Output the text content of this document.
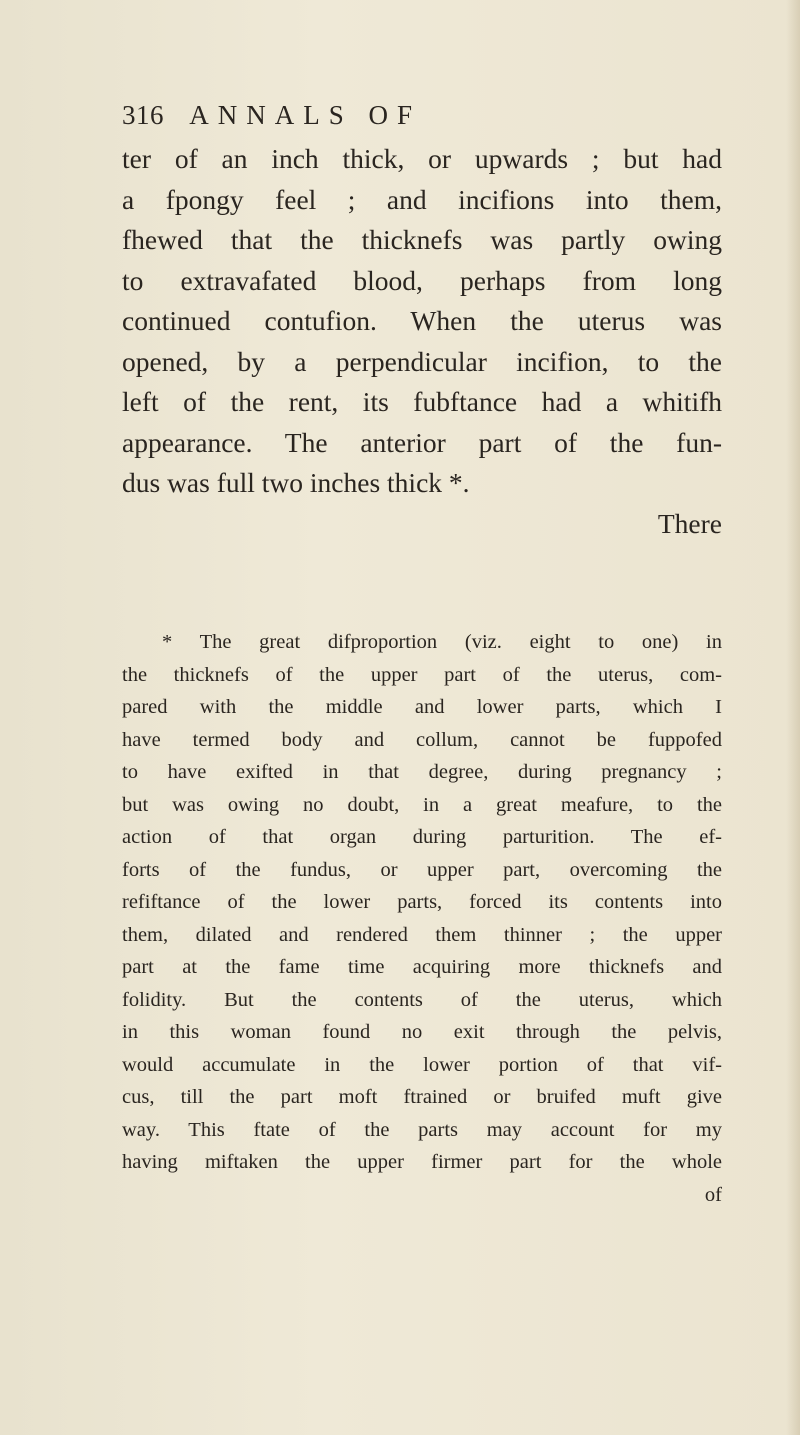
316 ANNALS OF
ter of an inch thick, or upwards ; but had
a fpongy feel ; and incifions into them,
fhewed that the thicknefs was partly owing
to extravafated blood, perhaps from long
continued contufion. When the uterus was
opened, by a perpendicular incifion, to the
left of the rent, its fubftance had a whitifh
appearance. The anterior part of the fun-
dus was full two inches thick *.
There
* The great difproportion (viz. eight to one) in
the thicknefs of the upper part of the uterus, com-
pared with the middle and lower parts, which I
have termed body and collum, cannot be fuppofed
to have exifted in that degree, during pregnancy ;
but was owing no doubt, in a great meafure, to the
action of that organ during parturition. The ef-
forts of the fundus, or upper part, overcoming the
refiftance of the lower parts, forced its contents into
them, dilated and rendered them thinner ; the upper
part at the fame time acquiring more thicknefs and
folidity. But the contents of the uterus, which
in this woman found no exit through the pelvis,
would accumulate in the lower portion of that vif-
cus, till the part moft ftrained or bruifed muft give
way. This ftate of the parts may account for my
having miftaken the upper firmer part for the whole
of
